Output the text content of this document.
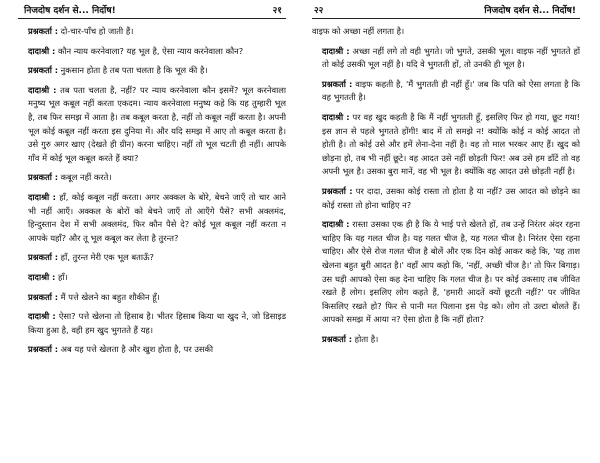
निजदोष दर्शन से... निर्दोष!	२१

प्रश्नकर्ता : दो-चार-पाँच हो जाती हैं।

दादाश्री : कौन न्याय करनेवाला? यह भूल है, ऐसा न्याय करनेवाला कौन?

प्रश्नकर्ता : नुकसान होता है तब पता चलता है कि भूल की है।

दादाश्री : तब पता चलता है, नहीं? पर न्याय करनेवाला कौन इसमें? भूल करनेवाला मनुष्य भूल कबूल नहीं करता एकदम। न्याय करनेवाला मनुष्य कहे कि यह तुम्हारी भूल है, तब फिर समझ में आता है। तब कबूल करता है, नहीं तो कबूल नहीं करता है। अपनी भूल कोई कबूल नहीं करता इस दुनिया में। और यदि समझ में आए तो कबूल करता है। उसे गुरु अगर खाए (देखते ही ग्रीन) करना चाहिए। नहीं तो भूल चटती ही नहीं। आपके गाँव में कोई भूल कबूल करते हैं क्या?

प्रश्नकर्ता : कबूल नहीं करते।

दादाश्री : हाँ, कोई कबूल नहीं करता। अगर अक्कल के बोरे, बेचने जाएँ तो चार आने भी नहीं आएँ। अक्कल के बोरों को बेचने जाएँ तो आएँगे पैसे? सभी अक्लमंद, हिन्दुस्तान देश में सभी अक्लमंद, फिर कौन पैसे दे? कोई भूल कबूल नहीं करता न आपके यहाँ? और तू भूल कबूल कर लेता है तुरन्त?

प्रश्नकर्ता : हाँ, तुरन्त मेरी एक भूल बताऊँ?

दादाश्री : हाँ।

प्रश्नकर्ता : मैं पत्ते खेलने का बहुत शौकीन हूँ।

दादाश्री : ऐसा? पत्ते खेलना तो हिसाब है। भीतर हिसाब किया था खुद ने, जो डिसाइड किया हुआ है, वही हम खुद भुगतते हैं यह।

प्रश्नकर्ता : अब यह पत्ते खेलता है और खुश होता है, पर उसकी

२२	निजदोष दर्शन से... निर्दोष!

वाइफ को अच्छा नहीं लगता है।

दादाश्री : अच्छा नहीं लगे तो वही भुगते। जो भुगते, उसकी भूल। वाइफ नहीं भुगतते हों तो कोई उसकी भूल नहीं है। यदि वे भुगतती हों, तो उनकी ही भूल है।

प्रश्नकर्ता : वाइफ कहती है, 'मैं भुगतती ही नहीं हूँ।' जब कि पति को ऐसा लगता है कि वह भुगतती है।

दादाश्री : पर वह खुद कहती है कि मैं नहीं भुगतती हूँ, इसलिए फिर हो गया, छूट गया! इस ज्ञान से पहले भुगतते होंगी! बाद में तो समझे न! क्योंकि कोई न कोई आदत तो होती है। तो कोई उसे और हमें लेना-देना नहीं है। वह तो माल भरकर आए हैं। खुद को छोड़ना हो, तब भी नहीं छूटे। वह आदत उसे नहीं छोड़ती फिर! अब उसे हम डाँटें तो वह अपनी भूल है। उसका बुरा मानें, वह भी भूल है। क्योंकि वह आदत उसे छोड़ती नहीं है।

प्रश्नकर्ता : पर दादा, उसका कोई रास्ता तो होता है या नहीं? उस आदत को छोड़ने का कोई रास्ता तो होना चाहिए न?

दादाश्री : रास्ता उसका एक ही है कि ये भाई पत्ते खेलते हों, तब उन्हें निरंतर अंदर रहना चाहिए कि यह गलत चीज है। यह गलत चीज है, यह गलत चीज है। निरंतर ऐसा रहना चाहिए। और ऐसे रोज गलत चीज है बोलें और एक दिन कोई आकर कहे कि, 'यह ताश खेलना बहुत बुरी आदत है।' वहाँ आप कहो कि, 'नहीं, अच्छी चीज है।' तो फिर बिगाड़। उस घड़ी आपको ऐसा कह देना चाहिए कि गलत चीज है। पर कोई उकसाए तब जीवित रखते हैं लोग। इसलिए लोग कहते हैं, 'हमारी आदतें क्यों छूटती नहीं?' पर जीवित किसलिए रखते हो? फिर से पानी मत पिलाना इस पेड़ को। लोग तो उल्टा बोलते हैं। आपको समझ में आया न? ऐसा होता है कि नहीं होता?

प्रश्नकर्ता : होता है।
